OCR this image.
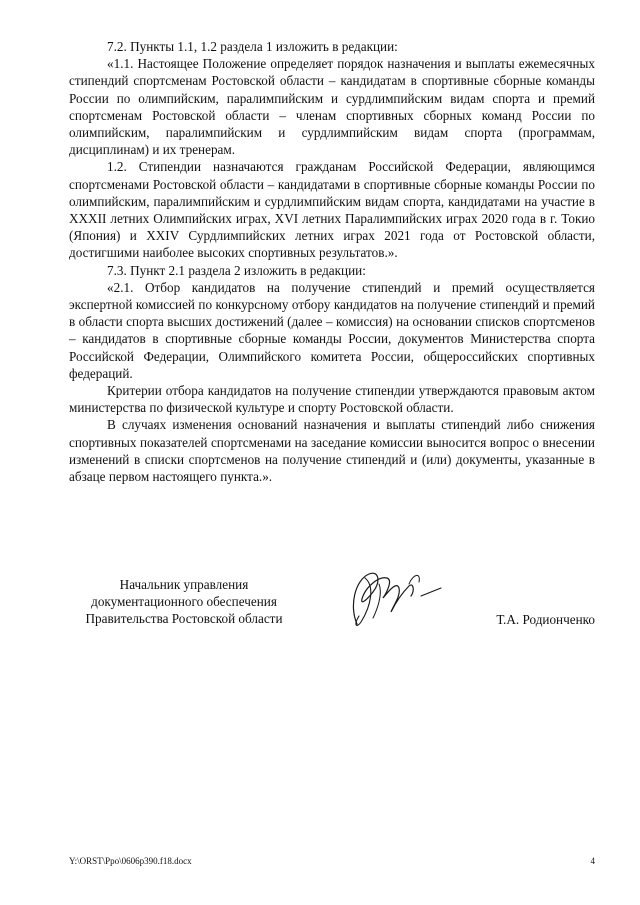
7.2. Пункты 1.1, 1.2 раздела 1 изложить в редакции:

«1.1. Настоящее Положение определяет порядок назначения и выплаты ежемесячных стипендий спортсменам Ростовской области – кандидатам в спортивные сборные команды России по олимпийским, паралимпийским и сурдлимпийским видам спорта и премий спортсменам Ростовской области – членам спортивных сборных команд России по олимпийским, паралимпийским и сурдлимпийским видам спорта (программам, дисциплинам) и их тренерам.

1.2. Стипендии назначаются гражданам Российской Федерации, являющимся спортсменами Ростовской области – кандидатами в спортивные сборные команды России по олимпийским, паралимпийским и сурдлимпийским видам спорта, кандидатами на участие в XXXII летних Олимпийских играх, XVI летних Паралимпийских играх 2020 года в г. Токио (Япония) и XXIV Сурдлимпийских летних играх 2021 года от Ростовской области, достигшими наиболее высоких спортивных результатов.».

7.3. Пункт 2.1 раздела 2 изложить в редакции:

«2.1. Отбор кандидатов на получение стипендий и премий осуществляется экспертной комиссией по конкурсному отбору кандидатов на получение стипендий и премий в области спорта высших достижений (далее – комиссия) на основании списков спортсменов – кандидатов в спортивные сборные команды России, документов Министерства спорта Российской Федерации, Олимпийского комитета России, общероссийских спортивных федераций.

Критерии отбора кандидатов на получение стипендии утверждаются правовым актом министерства по физической культуре и спорту Ростовской области.

В случаях изменения оснований назначения и выплаты стипендий либо снижения спортивных показателей спортсменами на заседание комиссии выносится вопрос о внесении изменений в списки спортсменов на получение стипендий и (или) документы, указанные в абзаце первом настоящего пункта.».

Начальник управления
документационного обеспечения
Правительства Ростовской области	Т.А. Родионченко
Y:\ORST\Ppo\0606p390.f18.docx	4
